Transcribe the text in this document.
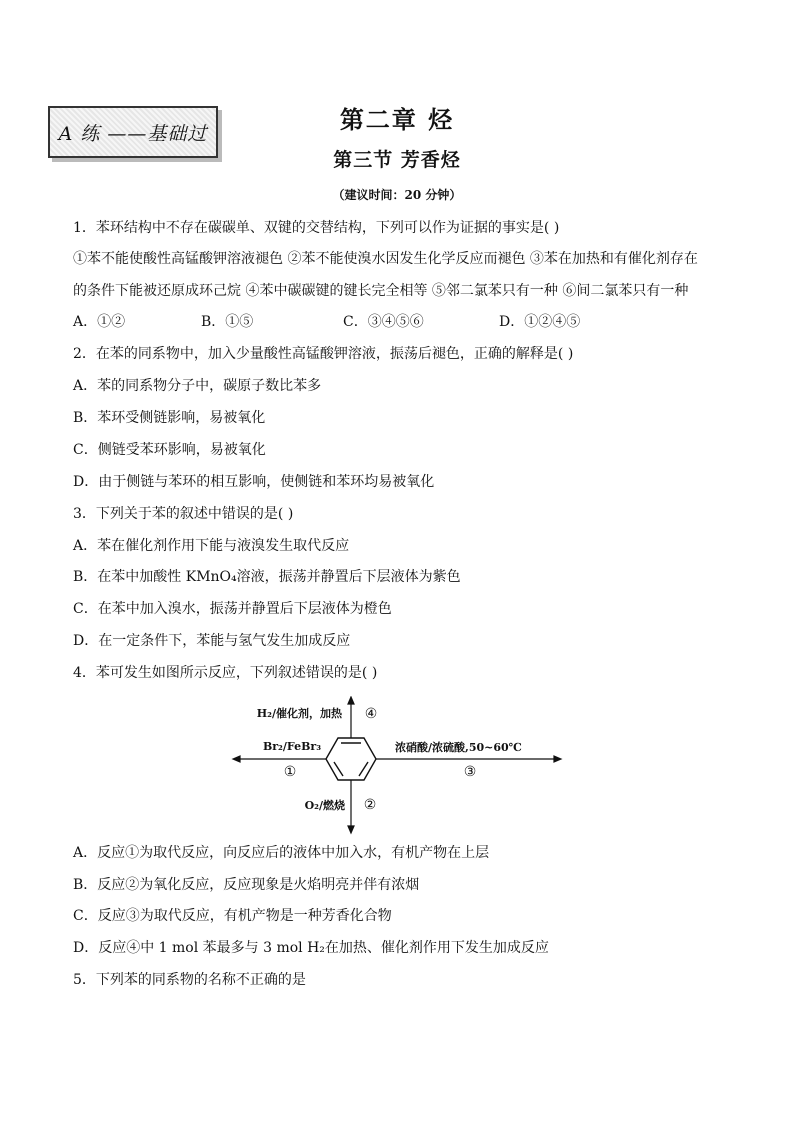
A 练 ——基础过	第二章 烃
第三节 芳香烃
（建议时间：20 分钟）
1．苯环结构中不存在碳碳单、双键的交替结构，下列可以作为证据的事实是( )
①苯不能使酸性高锰酸钾溶液褪色 ②苯不能使溴水因发生化学反应而褪色 ③苯在加热和有催化剂存在
的条件下能被还原成环己烷 ④苯中碳碳键的键长完全相等 ⑤邻二氯苯只有一种 ⑥间二氯苯只有一种
A．①②	B．①⑤	C．③④⑤⑥	D．①②④⑤
2．在苯的同系物中，加入少量酸性高锰酸钾溶液，振荡后褪色，正确的解释是( )
A．苯的同系物分子中，碳原子数比苯多
B．苯环受侧链影响，易被氧化
C．侧链受苯环影响，易被氧化
D．由于侧链与苯环的相互影响，使侧链和苯环均易被氧化
3．下列关于苯的叙述中错误的是( )
A．苯在催化剂作用下能与液溴发生取代反应
B．在苯中加酸性 KMnO₄溶液，振荡并静置后下层液体为紫色
C．在苯中加入溴水，振荡并静置后下层液体为橙色
D．在一定条件下，苯能与氢气发生加成反应
4．苯可发生如图所示反应，下列叙述错误的是( )
H₂/催化剂，加热 ④
Br₂/FeBr₃
①
浓硝酸/浓硫酸,50~60℃
③
O₂/燃烧 ②
A．反应①为取代反应，向反应后的液体中加入水，有机产物在上层
B．反应②为氧化反应，反应现象是火焰明亮并伴有浓烟
C．反应③为取代反应，有机产物是一种芳香化合物
D．反应④中 1 mol 苯最多与 3 mol H₂在加热、催化剂作用下发生加成反应
5．下列苯的同系物的名称不正确的是
